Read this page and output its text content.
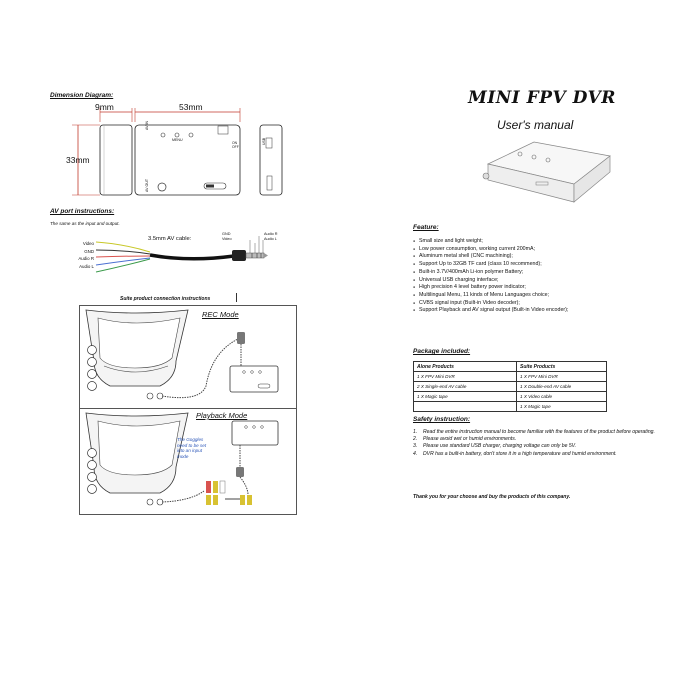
Dimension Diagram:
9mm	53mm
33mm
AV IN
MENU
ON OFF
AV OUT
USB
AV port instructions:
The same as the input and output.
3.5mm AV cable:
Video
GND
Audio R
Audio L
GND
Video
Audio R
Audio L
Suite product connection instructions
REC Mode
Playback Mode
The Goggles
need to be set
into an input
mode
MINI FPV DVR
User's manual
Feature:
● Small size and light weight;
● Low power consumption, working current 200mA;
● Aluminum metal shell (CNC machining);
● Support Up to 32GB TF card (class 10 recommend);
● Built-in 3.7V/400mAh Li-ion polymer Battery;
● Universal USB charging interface;
● High precision 4 level battery power indicator;
● Multilingual Menu, 11 kinds of Menu Languages choice;
● CVBS signal input (Built-in Video decoder);
● Support Playback and AV signal output (Built-in Video encoder);
Package included:
Alone Products	Suite Products
1 X FPV Mini DVR	1 X FPV Mini DVR
2 X Single-end AV cable	1 X Double-end AV cable
1 X Magic tape	1 X Video cable
	1 X Magic tape
Safety instruction:
1. Read the entire instruction manual to become familiar with the features of the product before operating.
2. Please avoid wet or humid environments.
3. Please use standard USB charger, charging voltage can only be 5V.
4. DVR has a built-in battery, don't store it in a high temperature and humid environment.
Thank you for your choose and buy the products of this company.
